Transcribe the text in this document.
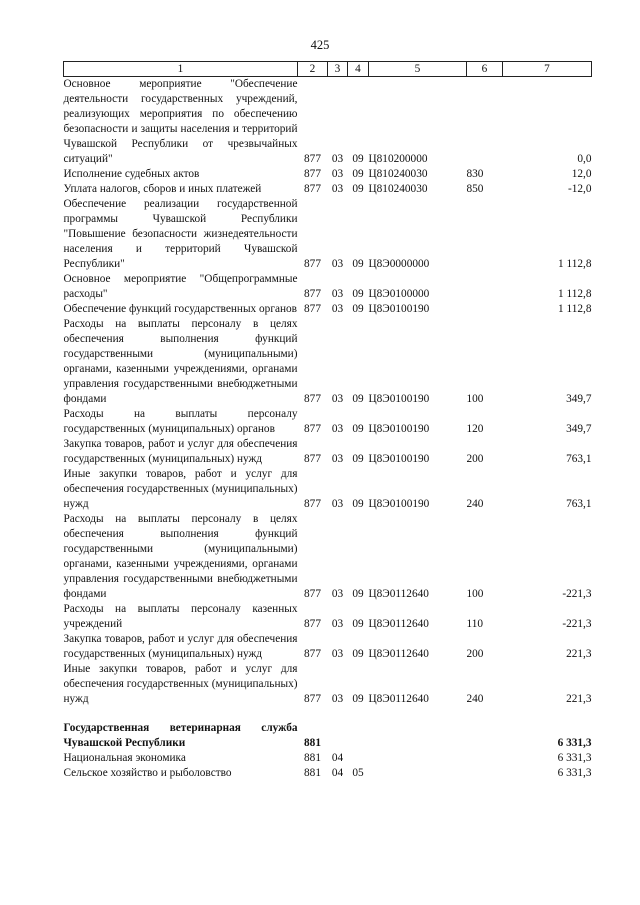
425
1	2	3	4	5	6	7
Основное мероприятие "Обеспечение деятельности государственных учреждений, реализующих мероприятия по обеспечению безопасности и защиты населения и территорий Чувашской Республики от чрезвычайных ситуаций"	877	03	09	Ц810200000		0,0
Исполнение судебных актов	877	03	09	Ц810240030	830	12,0
Уплата налогов, сборов и иных платежей	877	03	09	Ц810240030	850	-12,0
Обеспечение реализации государственной программы Чувашской Республики "Повышение безопасности жизнедеятельности населения и территорий Чувашской Республики"	877	03	09	Ц8Э0000000		1 112,8
Основное мероприятие "Общепрограммные расходы"	877	03	09	Ц8Э0100000		1 112,8
Обеспечение функций государственных органов	877	03	09	Ц8Э0100190		1 112,8
Расходы на выплаты персоналу в целях обеспечения выполнения функций государственными (муниципальными) органами, казенными учреждениями, органами управления государственными внебюджетными фондами	877	03	09	Ц8Э0100190	100	349,7
Расходы на выплаты персоналу государственных (муниципальных) органов	877	03	09	Ц8Э0100190	120	349,7
Закупка товаров, работ и услуг для обеспечения государственных (муниципальных) нужд	877	03	09	Ц8Э0100190	200	763,1
Иные закупки товаров, работ и услуг для обеспечения государственных (муниципальных) нужд	877	03	09	Ц8Э0100190	240	763,1
Расходы на выплаты персоналу в целях обеспечения выполнения функций государственными (муниципальными) органами, казенными учреждениями, органами управления государственными внебюджетными фондами	877	03	09	Ц8Э0112640	100	-221,3
Расходы на выплаты персоналу казенных учреждений	877	03	09	Ц8Э0112640	110	-221,3
Закупка товаров, работ и услуг для обеспечения государственных (муниципальных) нужд	877	03	09	Ц8Э0112640	200	221,3
Иные закупки товаров, работ и услуг для обеспечения государственных (муниципальных) нужд	877	03	09	Ц8Э0112640	240	221,3

Государственная ветеринарная служба Чувашской Республики	881					6 331,3
Национальная экономика	881	04				6 331,3
Сельское хозяйство и рыболовство	881	04	05			6 331,3
